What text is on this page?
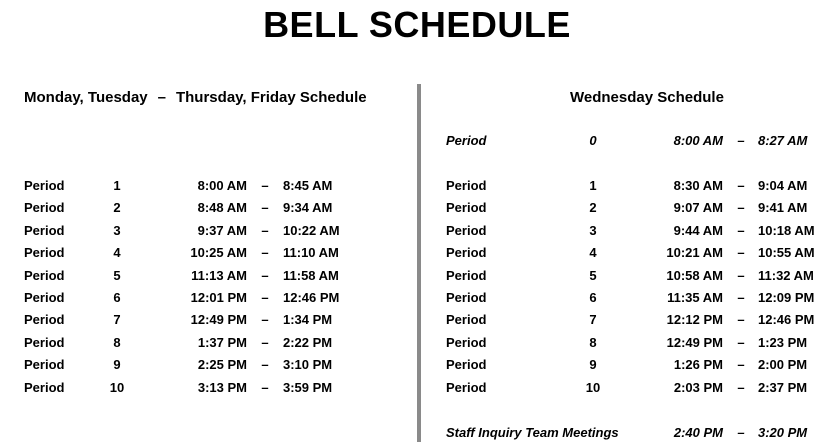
BELL SCHEDULE
Monday, Tuesday – Thursday, Friday Schedule	Wednesday Schedule
Period	1	8:00 AM – 8:45 AM
Period	2	8:48 AM – 9:34 AM
Period	3	9:37 AM – 10:22 AM
Period	4	10:25 AM – 11:10 AM
Period	5	11:13 AM – 11:58 AM
Period	6	12:01 PM – 12:46 PM
Period	7	12:49 PM – 1:34 PM
Period	8	1:37 PM – 2:22 PM
Period	9	2:25 PM – 3:10 PM
Period	10	3:13 PM – 3:59 PM
Period	0	8:00 AM – 8:27 AM
Period	1	8:30 AM – 9:04 AM
Period	2	9:07 AM – 9:41 AM
Period	3	9:44 AM – 10:18 AM
Period	4	10:21 AM – 10:55 AM
Period	5	10:58 AM – 11:32 AM
Period	6	11:35 AM – 12:09 PM
Period	7	12:12 PM – 12:46 PM
Period	8	12:49 PM – 1:23 PM
Period	9	1:26 PM – 2:00 PM
Period	10	2:03 PM – 2:37 PM
Staff Inquiry Team Meetings	2:40 PM – 3:20 PM
